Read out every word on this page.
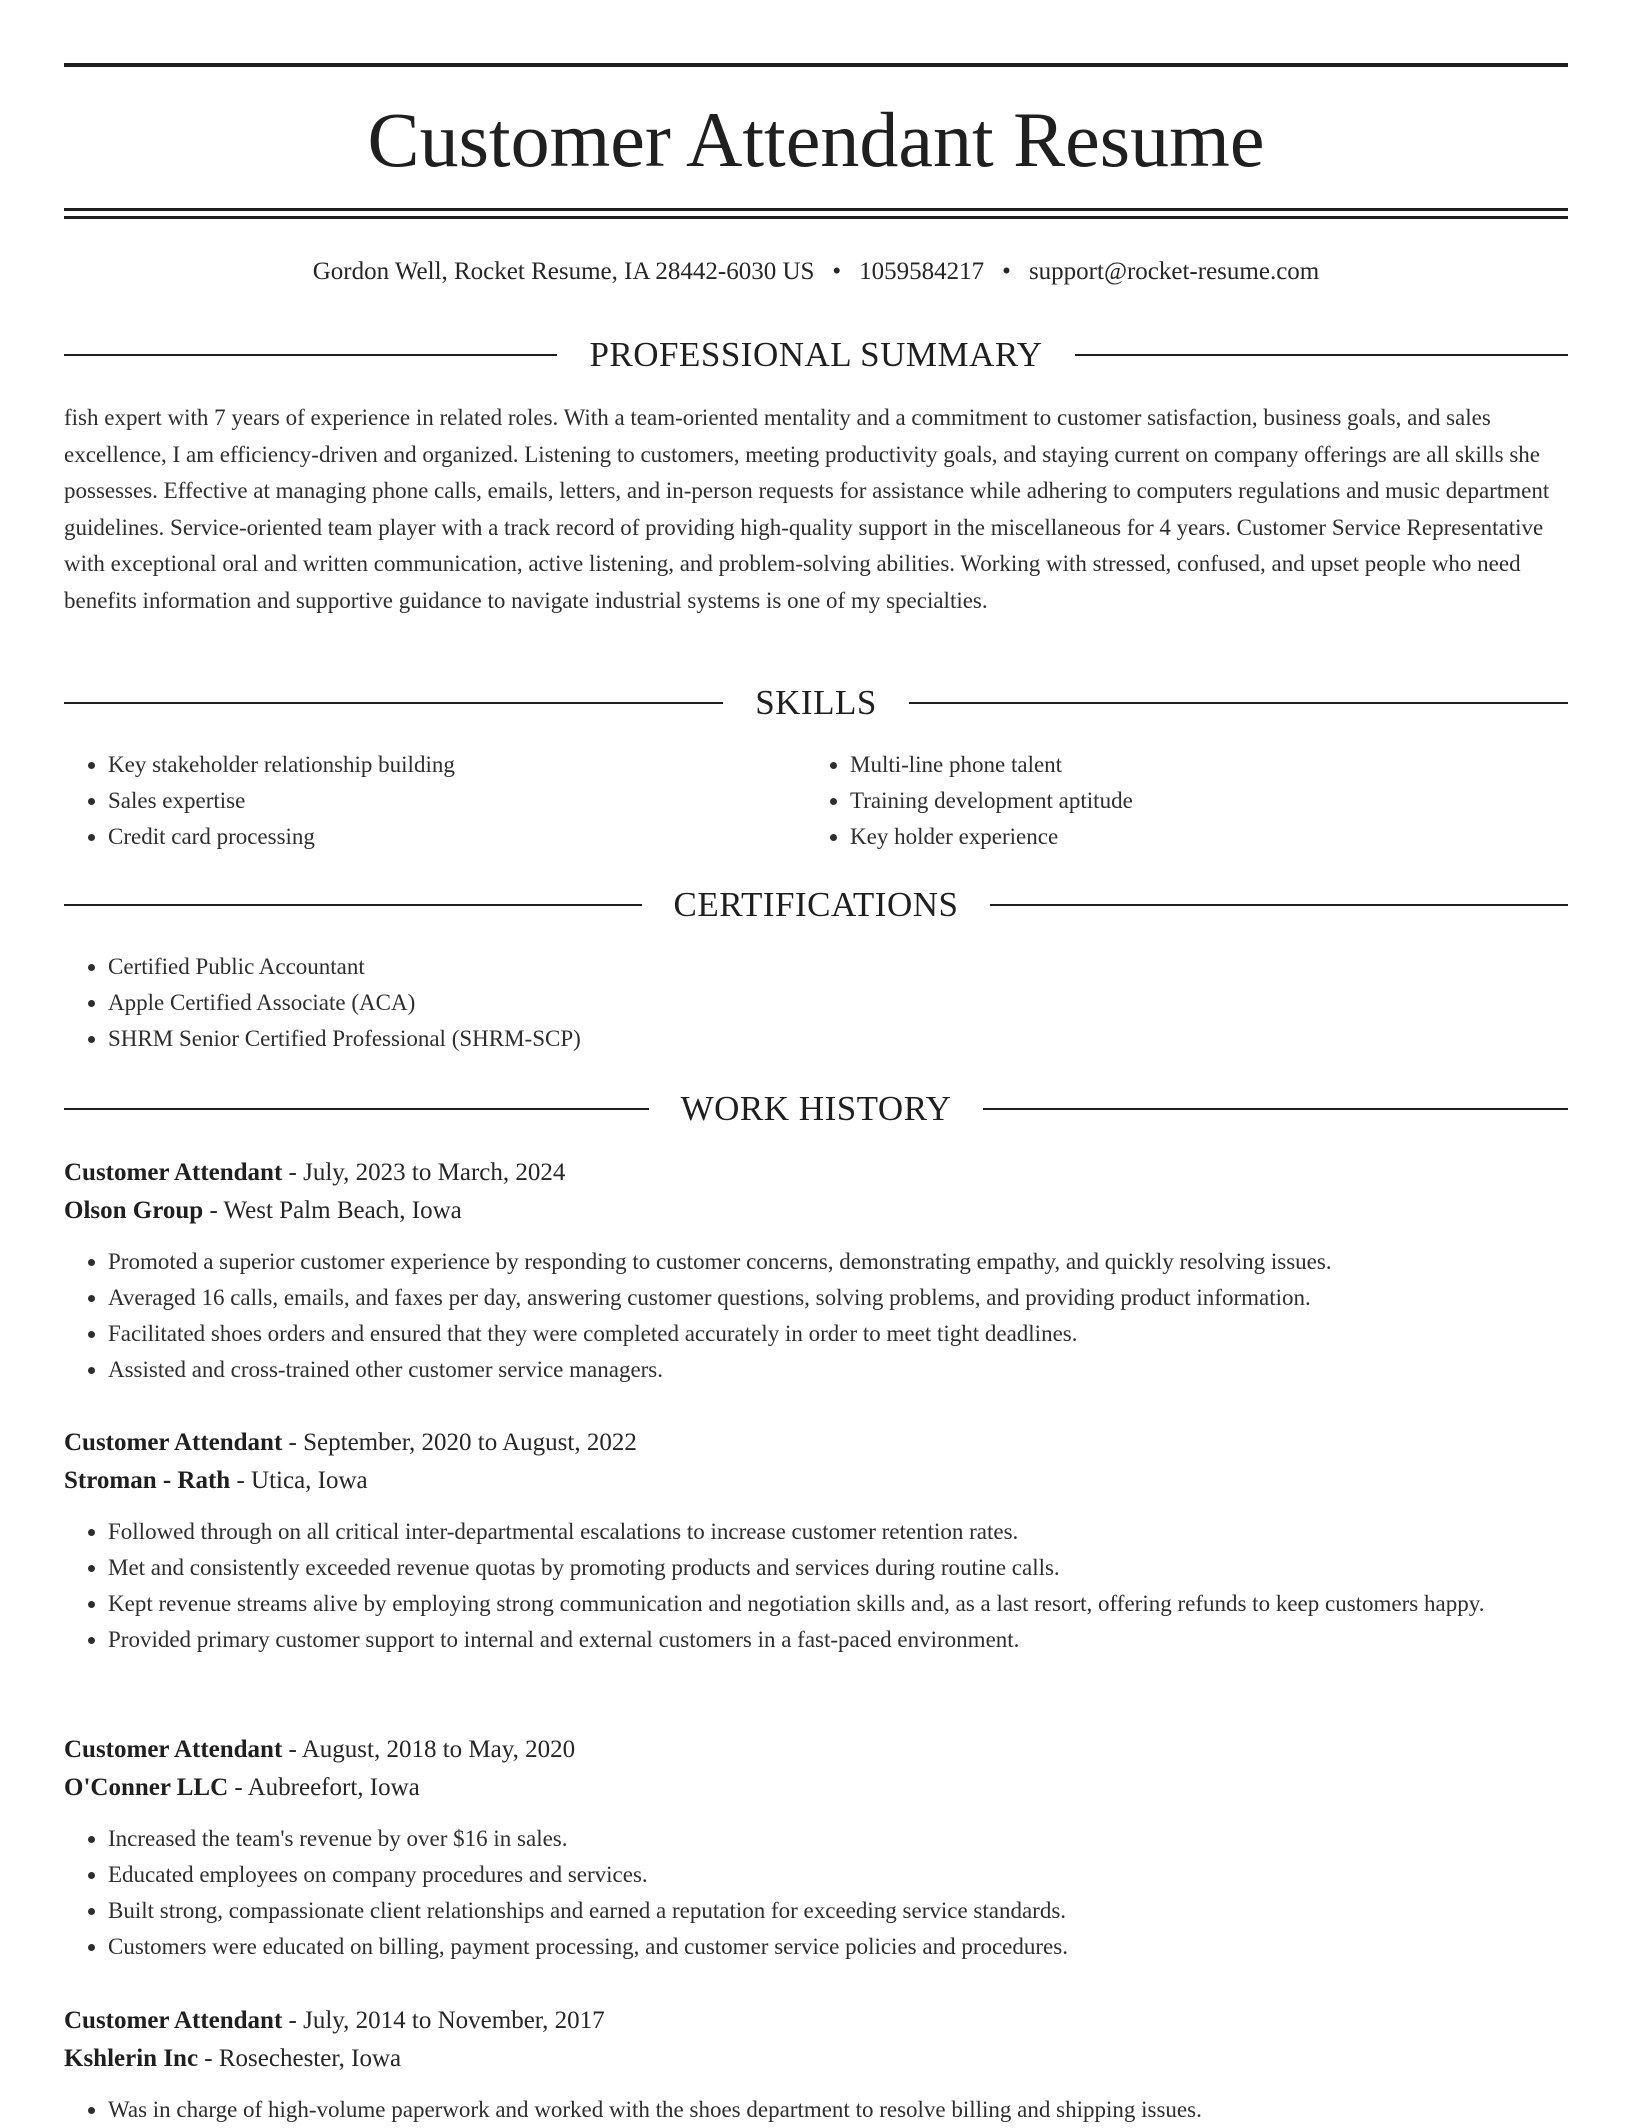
Customer Attendant Resume
Gordon Well, Rocket Resume, IA 28442-6030 US • 1059584217 • support@rocket-resume.com
PROFESSIONAL SUMMARY

fish expert with 7 years of experience in related roles. With a team-oriented mentality and a commitment to customer satisfaction, business goals, and sales excellence, I am efficiency-driven and organized. Listening to customers, meeting productivity goals, and staying current on company offerings are all skills she possesses. Effective at managing phone calls, emails, letters, and in-person requests for assistance while adhering to computers regulations and music department guidelines. Service-oriented team player with a track record of providing high-quality support in the miscellaneous for 4 years. Customer Service Representative with exceptional oral and written communication, active listening, and problem-solving abilities. Working with stressed, confused, and upset people who need benefits information and supportive guidance to navigate industrial systems is one of my specialties.

SKILLS
• Key stakeholder relationship building
• Sales expertise
• Credit card processing
• Multi-line phone talent
• Training development aptitude
• Key holder experience
CERTIFICATIONS
• Certified Public Accountant
• Apple Certified Associate (ACA)
• SHRM Senior Certified Professional (SHRM-SCP)
WORK HISTORY
Customer Attendant - July, 2023 to March, 2024
Olson Group - West Palm Beach, Iowa
• Promoted a superior customer experience by responding to customer concerns, demonstrating empathy, and quickly resolving issues.
• Averaged 16 calls, emails, and faxes per day, answering customer questions, solving problems, and providing product information.
• Facilitated shoes orders and ensured that they were completed accurately in order to meet tight deadlines.
• Assisted and cross-trained other customer service managers.
Customer Attendant - September, 2020 to August, 2022
Stroman - Rath - Utica, Iowa
• Followed through on all critical inter-departmental escalations to increase customer retention rates.
• Met and consistently exceeded revenue quotas by promoting products and services during routine calls.
• Kept revenue streams alive by employing strong communication and negotiation skills and, as a last resort, offering refunds to keep customers happy.
• Provided primary customer support to internal and external customers in a fast-paced environment.
Customer Attendant - August, 2018 to May, 2020
O'Conner LLC - Aubreefort, Iowa
• Increased the team's revenue by over $16 in sales.
• Educated employees on company procedures and services.
• Built strong, compassionate client relationships and earned a reputation for exceeding service standards.
• Customers were educated on billing, payment processing, and customer service policies and procedures.
Customer Attendant - July, 2014 to November, 2017
Kshlerin Inc - Rosechester, Iowa
• Was in charge of high-volume paperwork and worked with the shoes department to resolve billing and shipping issues.
